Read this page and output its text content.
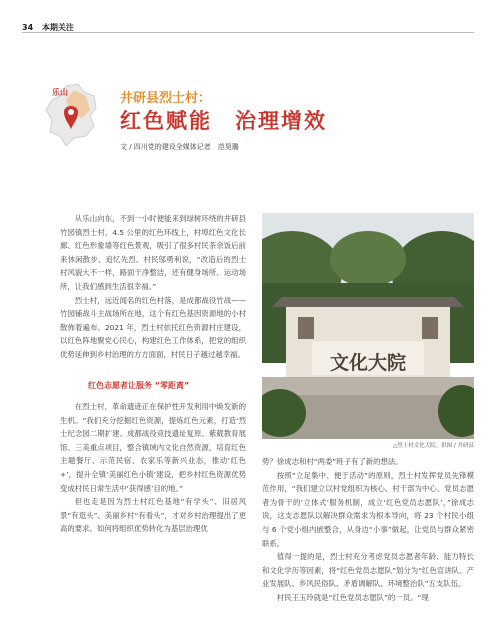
34 本期关注
乐山	井研县烈士村：
红色赋能　治理增效
文 / 四川党的建设全媒体记者　范昊璐

从乐山向东，不到一小时便能来到绿树环绕的井研县竹园镇烈士村，4.5 公里的红色环线上，村埠红色文化长廊、红色形象墙等红色景观，吸引了很多村民茶余饭后前来休闲散步、追忆先烈。村民邬勇利说，“改造后的烈士村风貌大不一样，路面干净整洁，还有健身场所、运动场所，让我们感到生活很幸福。”

烈士村，远近闻名的红色村落，是成都战役竹战——竹园铺战斗主战场所在地，这个有红色基因资源地的小村散佈着遍布。2021 年，烈士村依托红色资源村庄建设，以红色阵地聚党心民心，构建红色工作体系，把党的组织优势延伸到乡村治理的方方面面，村民日子越过越幸福。	文化大院
△烈士村文化大院。供图 / 井研县
红色志愿者让服务 “零距离”

在烈士村，革命遗迹正在保护性开发利用中焕发新的生机。“我们充分挖掘红色资源，提炼红色元素，打造‘烈士纪念园二期扩建、成都战役竞技遗址复原、紫葳教育展馆、三美重点项目，整合镇域内文化自然资源，培育红色主题餐厅、示范民宿、农家乐等新兴业态，推动‘红色+’，提升全镇‘美丽红色小镇’建设，把乡村红色资源优势变成村民日常生活中‘获得感’目的地。”

但也走是因为烈士村红色基地“有学头”、旧居风景“有逛头”、美丽乡村“有看头”，才对乡村治理提出了更高的要求。如何将组织优势转化为基层治理优

势？徐成志和村“两委”班子有了新的想法。

按照“立足集中、便于活动”的原则，烈士村发挥党员先锋模范作用，“我们建立以村党组织为核心、村干部为中心、党员志愿者为骨干的‘立体式’服务机制，成立‘红色党员志愿队’，”徐成志说，这支志愿队以解决群众需求为根本导向，将 23 个村民小组与 6 个党小组内嵌整合，从身边“小事”做起，让党员与群众紧密联系。

值得一提的是，烈士村充分考虑党员志愿者年龄、能力特长和文化学历等因素，将“红色党员志愿队”划分为“红色宣讲队、产业发展队、乡风民俗队、矛盾调解队、环境整治队”五支队伍。

村民王玉玲就是“红色党员志愿队”的一员。“现
